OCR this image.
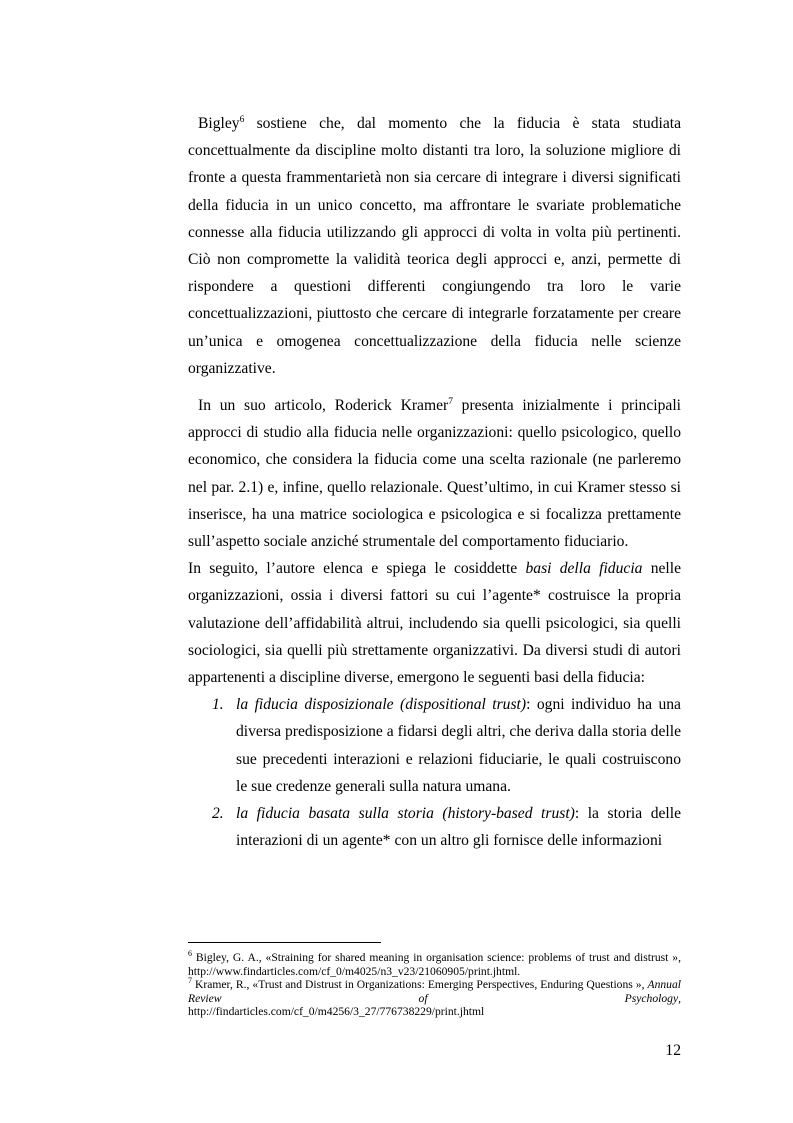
Bigley$^6$ sostiene che, dal momento che la fiducia è stata studiata concettualmente da discipline molto distanti tra loro, la soluzione migliore di fronte a questa frammentarietà non sia cercare di integrare i diversi significati della fiducia in un unico concetto, ma affrontare le svariate problematiche connesse alla fiducia utilizzando gli approcci di volta in volta più pertinenti. Ciò non compromette la validità teorica degli approcci e, anzi, permette di rispondere a questioni differenti congiungendo tra loro le varie concettualizzazioni, piuttosto che cercare di integrarle forzatamente per creare un’unica e omogenea concettualizzazione della fiducia nelle scienze organizzative.

In un suo articolo, Roderick Kramer$^7$ presenta inizialmente i principali approcci di studio alla fiducia nelle organizzazioni: quello psicologico, quello economico, che considera la fiducia come una scelta razionale (ne parleremo nel par. 2.1) e, infine, quello relazionale. Quest’ultimo, in cui Kramer stesso si inserisce, ha una matrice sociologica e psicologica e si focalizza prettamente sull’aspetto sociale anziché strumentale del comportamento fiduciario.

In seguito, l’autore elenca e spiega le cosiddette basi della fiducia nelle organizzazioni, ossia i diversi fattori su cui l’agente* costruisce la propria valutazione dell’affidabilità altrui, includendo sia quelli psicologici, sia quelli sociologici, sia quelli più strettamente organizzativi. Da diversi studi di autori appartenenti a discipline diverse, emergono le seguenti basi della fiducia:

1. la fiducia disposizionale (dispositional trust): ogni individuo ha una diversa predisposizione a fidarsi degli altri, che deriva dalla storia delle sue precedenti interazioni e relazioni fiduciarie, le quali costruiscono le sue credenze generali sulla natura umana.
2. la fiducia basata sulla storia (history-based trust): la storia delle interazioni di un agente* con un altro gli fornisce delle informazioni

$^6$ Bigley, G. A., «Straining for shared meaning in organisation science: problems of trust and distrust », http://www.findarticles.com/cf_0/m4025/n3_v23/21060905/print.jhtml.

$^7$ Kramer, R., «Trust and Distrust in Organizations: Emerging Perspectives, Enduring Questions », Annual Review of Psychology,
http://findarticles.com/cf_0/m4256/3_27/776738229/print.jhtml

12
